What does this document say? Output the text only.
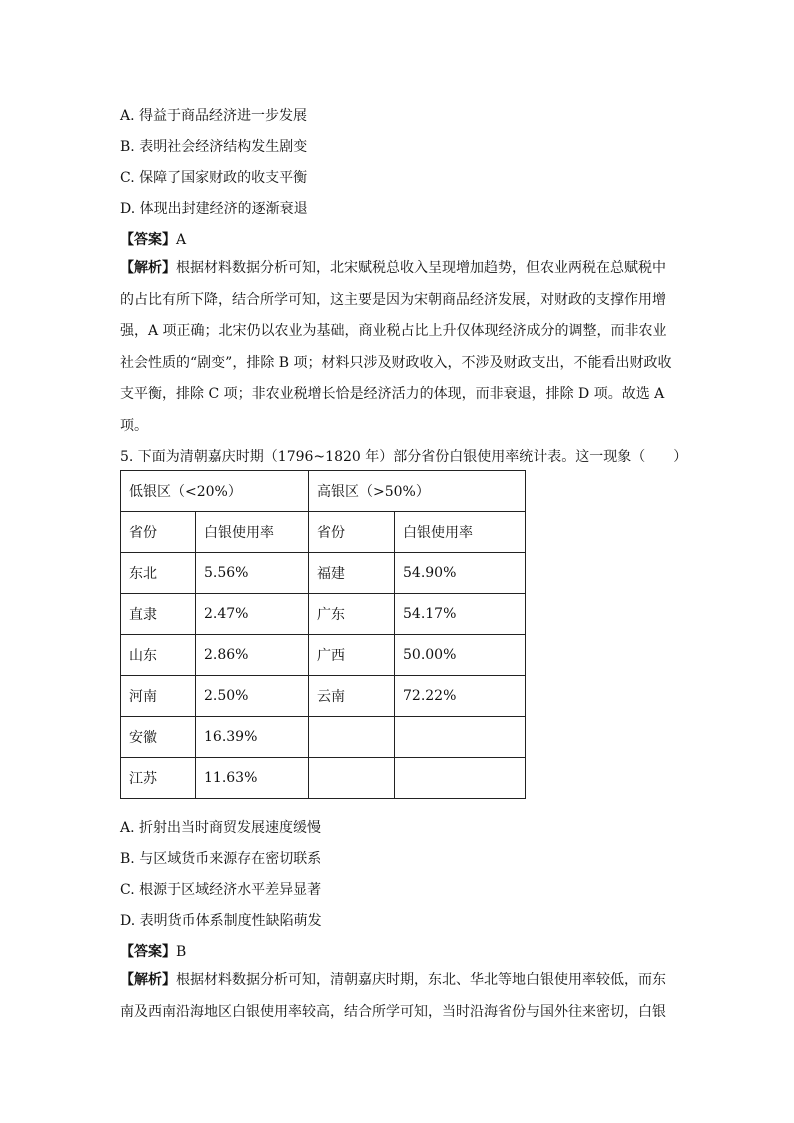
A. 得益于商品经济进一步发展
B. 表明社会经济结构发生剧变
C. 保障了国家财政的收支平衡
D. 体现出封建经济的逐渐衰退
【答案】A
【解析】根据材料数据分析可知，北宋赋税总收入呈现增加趋势，但农业两税在总赋税中
的占比有所下降，结合所学可知，这主要是因为宋朝商品经济发展，对财政的支撑作用增
强，A 项正确；北宋仍以农业为基础，商业税占比上升仅体现经济成分的调整，而非农业
社会性质的“剧变”，排除 B 项；材料只涉及财政收入，不涉及财政支出，不能看出财政收
支平衡，排除 C 项；非农业税增长恰是经济活力的体现，而非衰退，排除 D 项。故选 A
项。
5. 下面为清朝嘉庆时期（1796~1820 年）部分省份白银使用率统计表。这一现象（　　）
低银区（<20%）		高银区（>50%）	
省份	白银使用率	省份	白银使用率
东北	5.56%	福建	54.90%
直隶	2.47%	广东	54.17%
山东	2.86%	广西	50.00%
河南	2.50%	云南	72.22%
安徽	16.39%		
江苏	11.63%		
A. 折射出当时商贸发展速度缓慢
B. 与区域货币来源存在密切联系
C. 根源于区域经济水平差异显著
D. 表明货币体系制度性缺陷萌发
【答案】B
【解析】根据材料数据分析可知，清朝嘉庆时期，东北、华北等地白银使用率较低，而东
南及西南沿海地区白银使用率较高，结合所学可知，当时沿海省份与国外往来密切，白银
